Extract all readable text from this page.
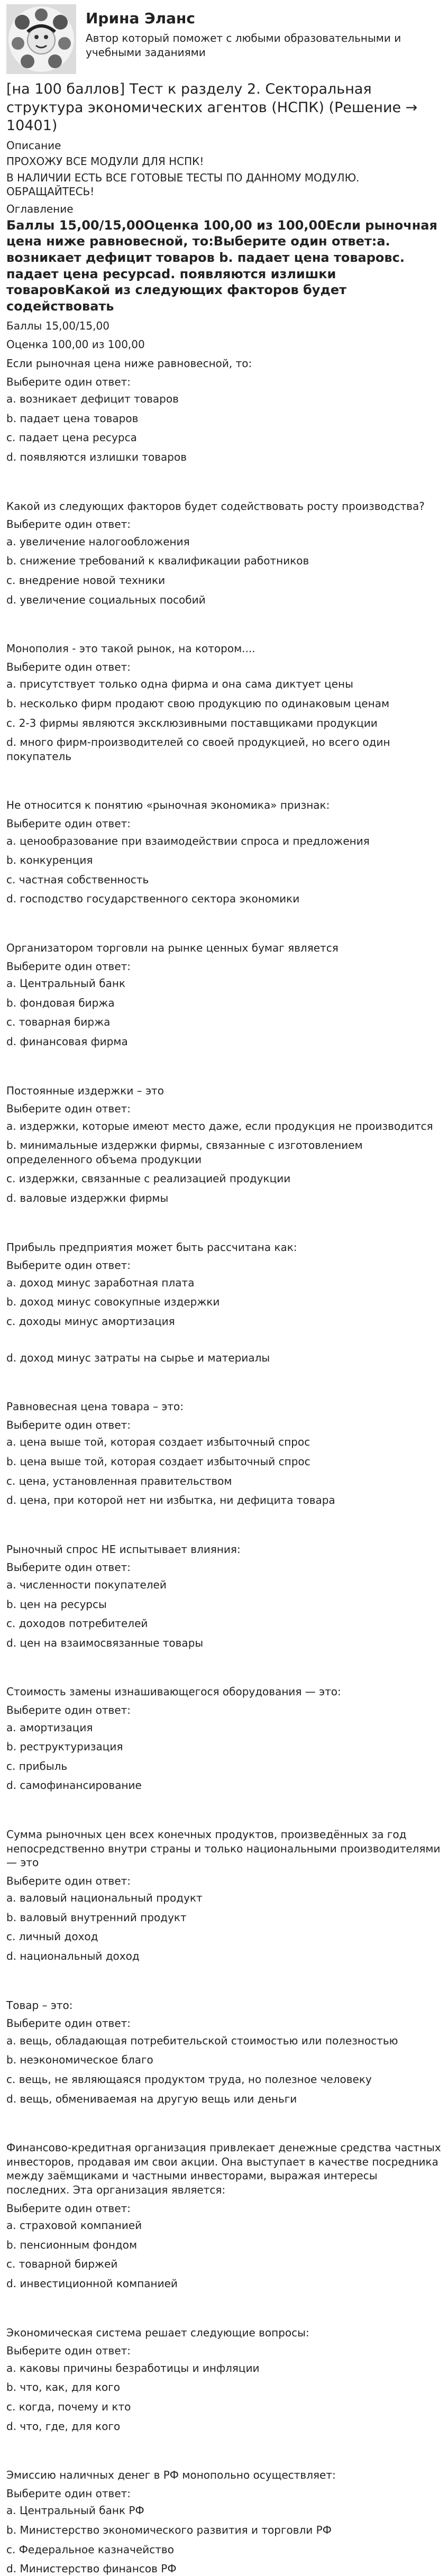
Ирина Эланс
Автор который поможет с любыми образовательными и учебными заданиями
[на 100 баллов] Тест к разделу 2. Секторальная структура экономических агентов (НСПК) (Решение → 10401)
Описание
ПРОХОЖУ ВСЕ МОДУЛИ ДЛЯ НСПК!
В НАЛИЧИИ ЕСТЬ ВСЕ ГОТОВЫЕ ТЕСТЫ ПО ДАННОМУ МОДУЛЮ. ОБРАЩАЙТЕСЬ!
Оглавление
Баллы 15,00/15,00Оценка 100,00 из 100,00Если рыночная цена ниже равновесной, то:Выберите один ответ:a. возникает дефицит товаров b. падает цена товаровc. падает цена ресурсаd. появляются излишки товаровКакой из следующих факторов будет содействовать
Баллы 15,00/15,00
Оценка 100,00 из 100,00
Если рыночная цена ниже равновесной, то:
Выберите один ответ:
a. возникает дефицит товаров
b. падает цена товаров
c. падает цена ресурса
d. появляются излишки товаров
Какой из следующих факторов будет содействовать росту производства?
Выберите один ответ:
a. увеличение налогообложения
b. снижение требований к квалификации работников
c. внедрение новой техники
d. увеличение социальных пособий
Монополия - это такой рынок, на котором....
Выберите один ответ:
a. присутствует только одна фирма и она сама диктует цены
b. несколько фирм продают свою продукцию по одинаковым ценам
c. 2-3 фирмы являются эксклюзивными поставщиками продукции
d. много фирм-производителей со своей продукцией, но всего один покупатель
Не относится к понятию «рыночная экономика» признак:
Выберите один ответ:
a. ценообразование при взаимодействии спроса и предложения
b. конкуренция
c. частная собственность
d. господство государственного сектора экономики
Организатором торговли на рынке ценных бумаг является
Выберите один ответ:
a. Центральный банк
b. фондовая биржа
c. товарная биржа
d. финансовая фирма
Постоянные издержки – это
Выберите один ответ:
a. издержки, которые имеют место даже, если продукция не производится
b. минимальные издержки фирмы, связанные с изготовлением определенного объема продукции
c. издержки, связанные с реализацией продукции
d. валовые издержки фирмы
Прибыль предприятия может быть рассчитана как:
Выберите один ответ:
a. доход минус заработная плата
b. доход минус совокупные издержки
c. доходы минус амортизация
d. доход минус затраты на сырье и материалы
Равновесная цена товара – это:
Выберите один ответ:
a. цена выше той, которая создает избыточный спрос
b. цена выше той, которая создает избыточный спрос
c. цена, установленная правительством
d. цена, при которой нет ни избытка, ни дефицита товара
Рыночный спрос НЕ испытывает влияния:
Выберите один ответ:
a. численности покупателей
b. цен на ресурсы
c. доходов потребителей
d. цен на взаимосвязанные товары
Стоимость замены изнашивающегося оборудования — это:
Выберите один ответ:
a. амортизация
b. реструктуризация
c. прибыль
d. самофинансирование
Сумма рыночных цен всех конечных продуктов, произведённых за год непосредственно внутри страны и только национальными производителями — это
Выберите один ответ:
a. валовый национальный продукт
b. валовый внутренний продукт
c. личный доход
d. национальный доход
Товар – это:
Выберите один ответ:
a. вещь, обладающая потребительской стоимостью или полезностью
b. неэкономическое благо
c. вещь, не являющаяся продуктом труда, но полезное человеку
d. вещь, обмениваемая на другую вещь или деньги
Финансово-кредитная организация привлекает денежные средства частных инвесторов, продавая им свои акции. Она выступает в качестве посредника между заёмщиками и частными инвесторами, выражая интересы последних. Эта организация является:
Выберите один ответ:
a. страховой компанией
b. пенсионным фондом
c. товарной биржей
d. инвестиционной компанией
Экономическая система решает следующие вопросы:
Выберите один ответ:
a. каковы причины безработицы и инфляции
b. что, как, для кого
c. когда, почему и кто
d. что, где, для кого
Эмиссию наличных денег в РФ монопольно осуществляет:
Выберите один ответ:
a. Центральный банк РФ
b. Министерство экономического развития и торговли РФ
c. Федеральное казначейство
d. Министерство финансов РФ
